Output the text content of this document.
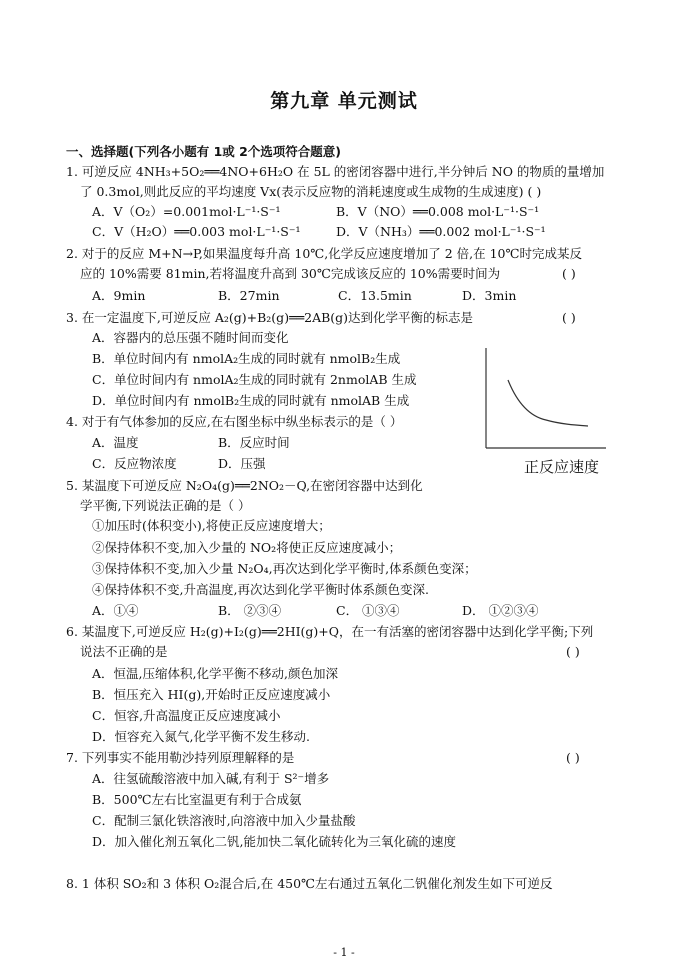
第九章 单元测试
一、选择题(下列各小题有 1或 2个选项符合题意)
1. 可逆反应 4NH₃+5O₂══4NO+6H₂O 在 5L 的密闭容器中进行,半分钟后 NO 的物质的量增加
了 0.3mol,则此反应的平均速度 Vx(表示反应物的消耗速度或生成物的生成速度) ( )
A．V（O₂）=0.001mol·L⁻¹·S⁻¹	B．V（NO）══0.008 mol·L⁻¹·S⁻¹
C．V（H₂O）══0.003 mol·L⁻¹·S⁻¹	D．V（NH₃）══0.002 mol·L⁻¹·S⁻¹
2. 对于的反应 M+N→P,如果温度每升高 10℃,化学反应速度增加了 2 倍,在 10℃时完成某反
应的 10%需要 81min,若将温度升高到 30℃完成该反应的 10%需要时间为	( )
A．9min	B．27min	C．13.5min	D．3min
3. 在一定温度下,可逆反应 A₂(g)+B₂(g)══2AB(g)达到化学平衡的标志是	( )
A．容器内的总压强不随时间而变化
B．单位时间内有 nmolA₂生成的同时就有 nmolB₂生成
C．单位时间内有 nmolA₂生成的同时就有 2nmolAB 生成
D．单位时间内有 nmolB₂生成的同时就有 nmolAB 生成
正反应速度
4. 对于有气体参加的反应,在右图坐标中纵坐标表示的是（ ）
A．温度	B．反应时间
C．反应物浓度	D．压强
5. 某温度下可逆反应 N₂O₄(g)══2NO₂－Q,在密闭容器中达到化
学平衡,下列说法正确的是（ ）
①加压时(体积变小),将使正反应速度增大；
②保持体积不变,加入少量的 NO₂将使正反应速度减小；
③保持体积不变,加入少量 N₂O₄,再次达到化学平衡时,体系颜色变深；
④保持体积不变,升高温度,再次达到化学平衡时体系颜色变深.
A．①④	B． ②③④	C． ①③④	D． ①②③④
6. 某温度下,可逆反应 H₂(g)+I₂(g)══2HI(g)+Q，在一有活塞的密闭容器中达到化学平衡;下列
说法不正确的是	( )
A．恒温,压缩体积,化学平衡不移动,颜色加深
B．恒压充入 HI(g),开始时正反应速度减小
C．恒容,升高温度正反应速度减小
D．恒容充入氮气,化学平衡不发生移动.
7. 下列事实不能用勒沙持列原理解释的是	( )
A．往氢硫酸溶液中加入碱,有利于 S²⁻增多
B．500℃左右比室温更有利于合成氨
C．配制三氯化铁溶液时,向溶液中加入少量盐酸
D．加入催化剂五氧化二钒,能加快二氧化硫转化为三氧化硫的速度
8. 1 体积 SO₂和 3 体积 O₂混合后,在 450℃左右通过五氧化二钒催化剂发生如下可逆反
- 1 -
